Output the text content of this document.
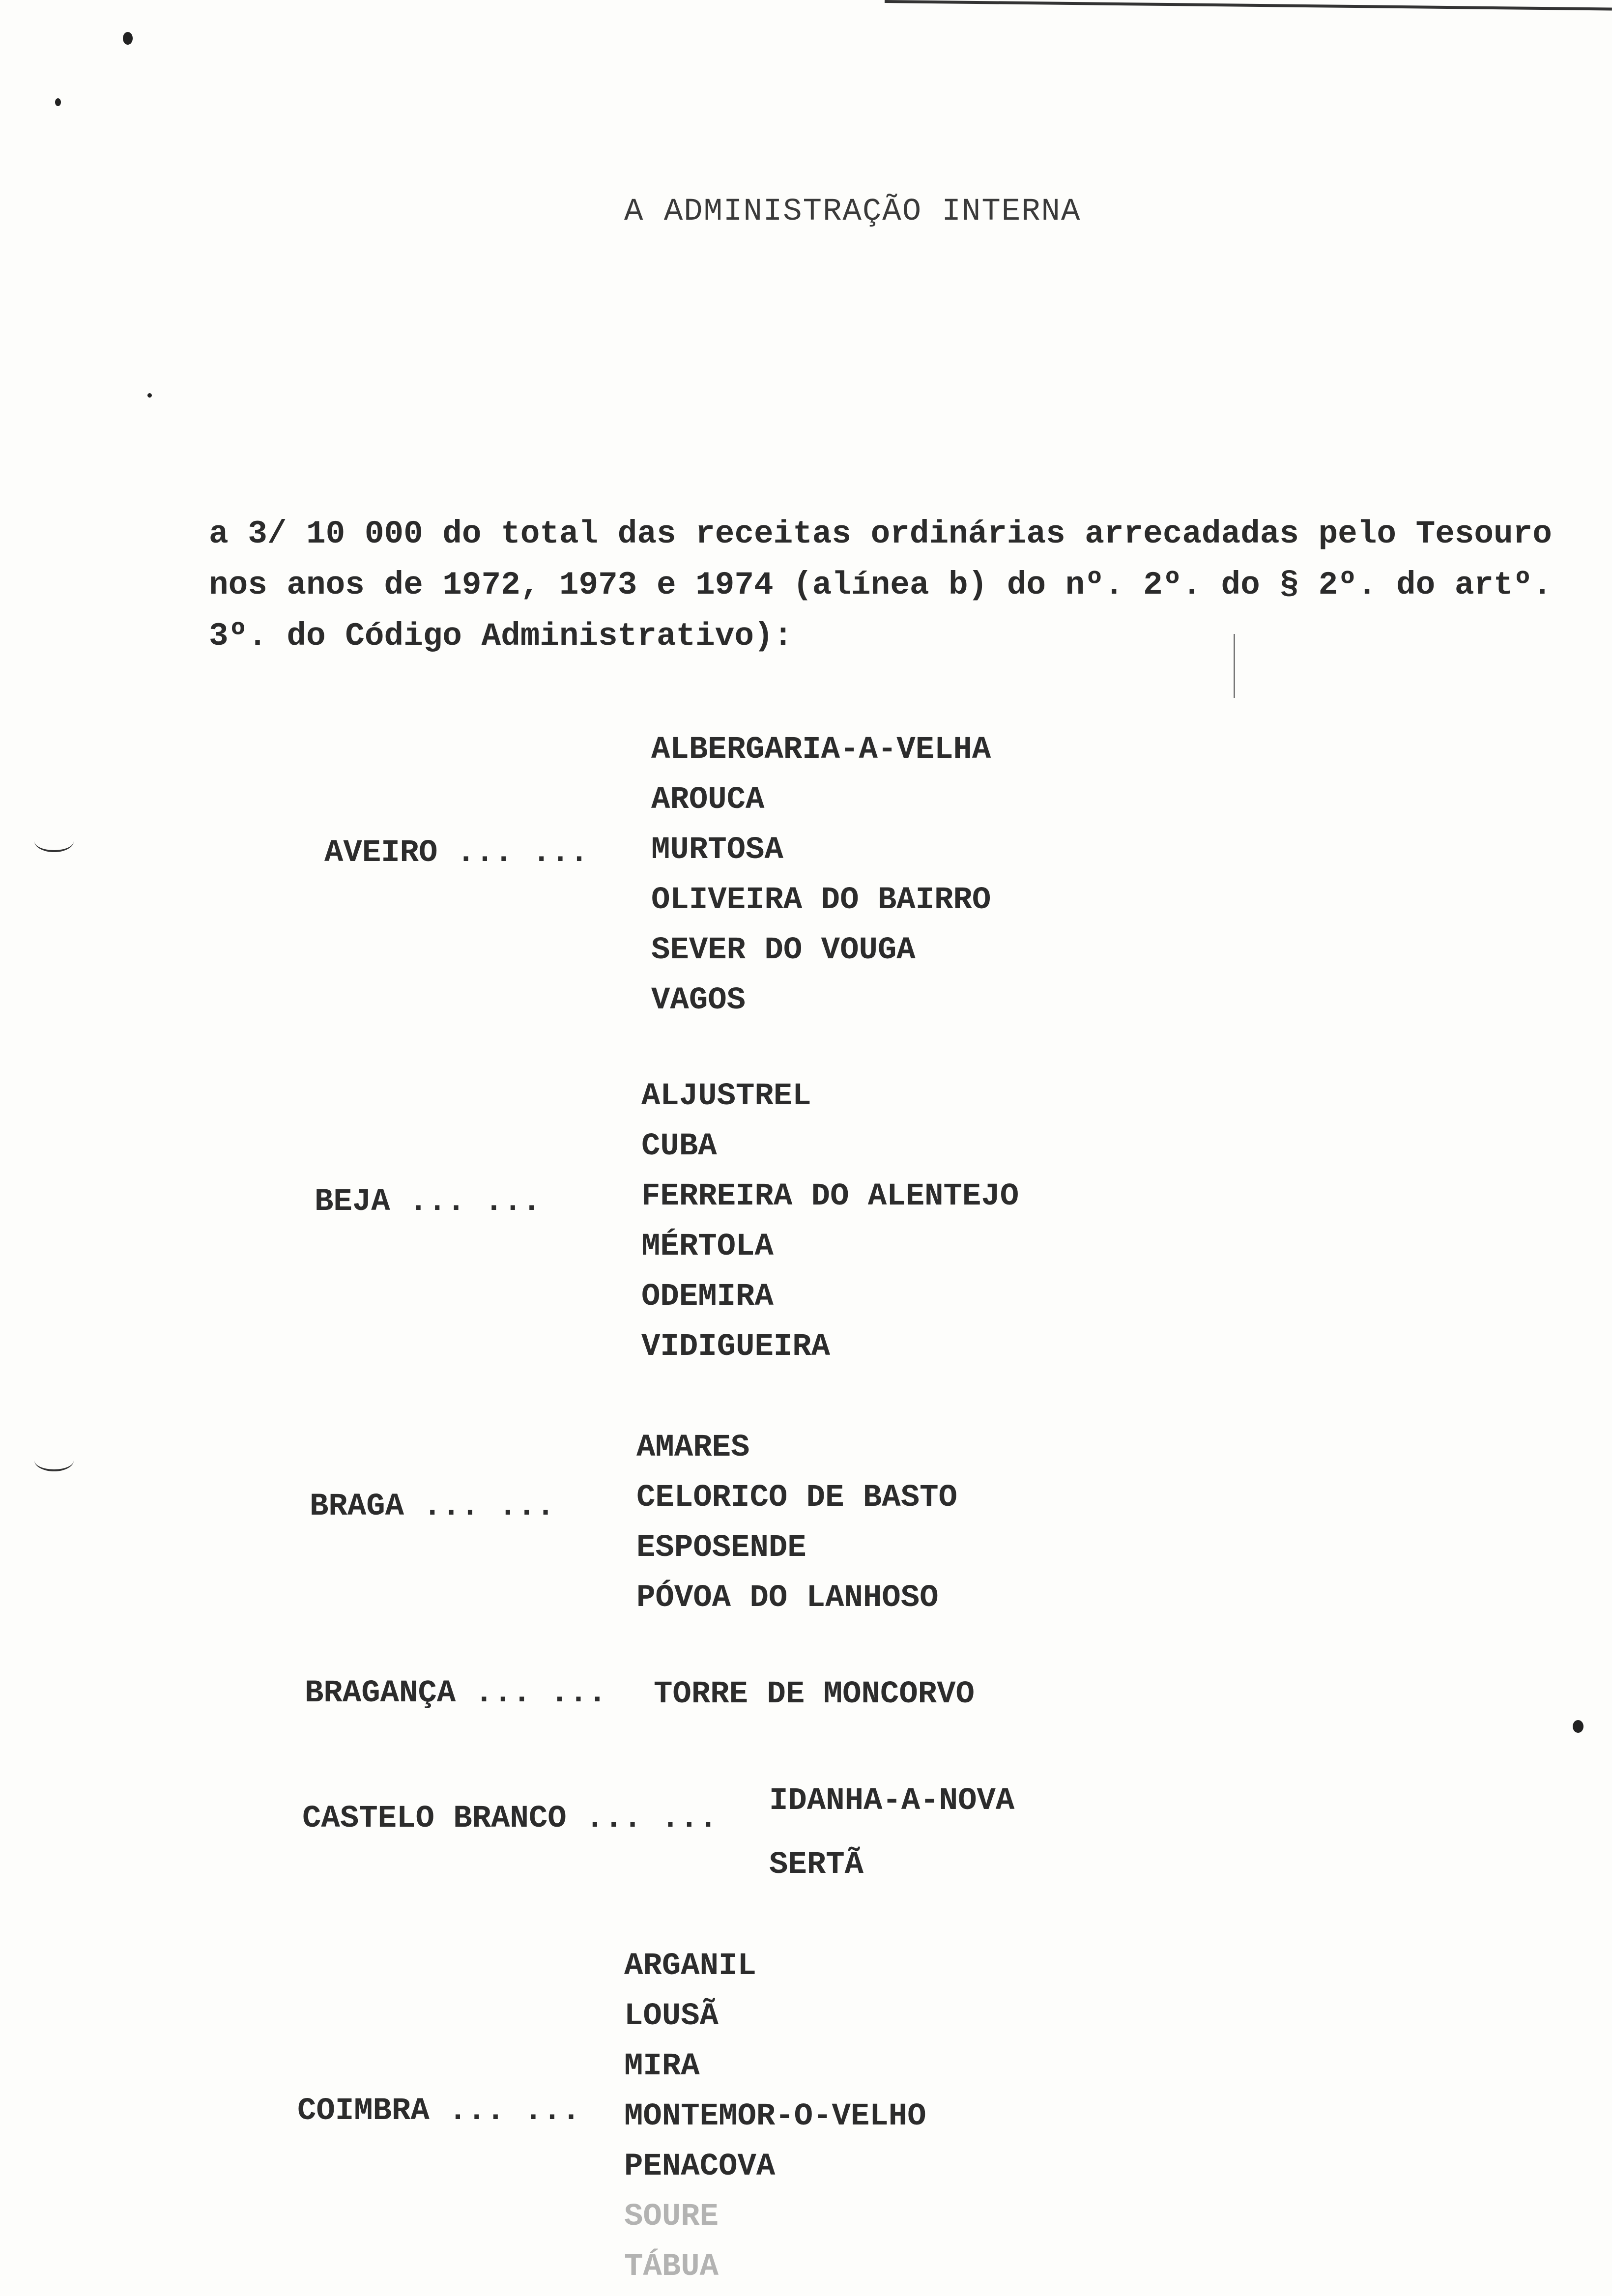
A ADMINISTRAÇÃO INTERNA
a 3/ 10 000 do total das receitas ordinárias arrecadadas pelo Tesouro
nos anos de 1972, 1973 e 1974 (alínea b) do nº. 2º. do § 2º. do artº.
3º. do Código Administrativo):
AVEIRO ... ...
ALBERGARIA-A-VELHA
AROUCA
MURTOSA
OLIVEIRA DO BAIRRO
SEVER DO VOUGA
VAGOS
BEJA ... ...
ALJUSTREL
CUBA
FERREIRA DO ALENTEJO
MÉRTOLA
ODEMIRA
VIDIGUEIRA
BRAGA ... ...
AMARES
CELORICO DE BASTO
ESPOSENDE
PÓVOA DO LANHOSO
BRAGANÇA ... ... TORRE DE MONCORVO
CASTELO BRANCO ... ... IDANHA-A-NOVA
SERTÃ
COIMBRA ... ...
ARGANIL
LOUSÃ
MIRA
MONTEMOR-O-VELHO
PENACOVA
SOURE
TÁBUA
